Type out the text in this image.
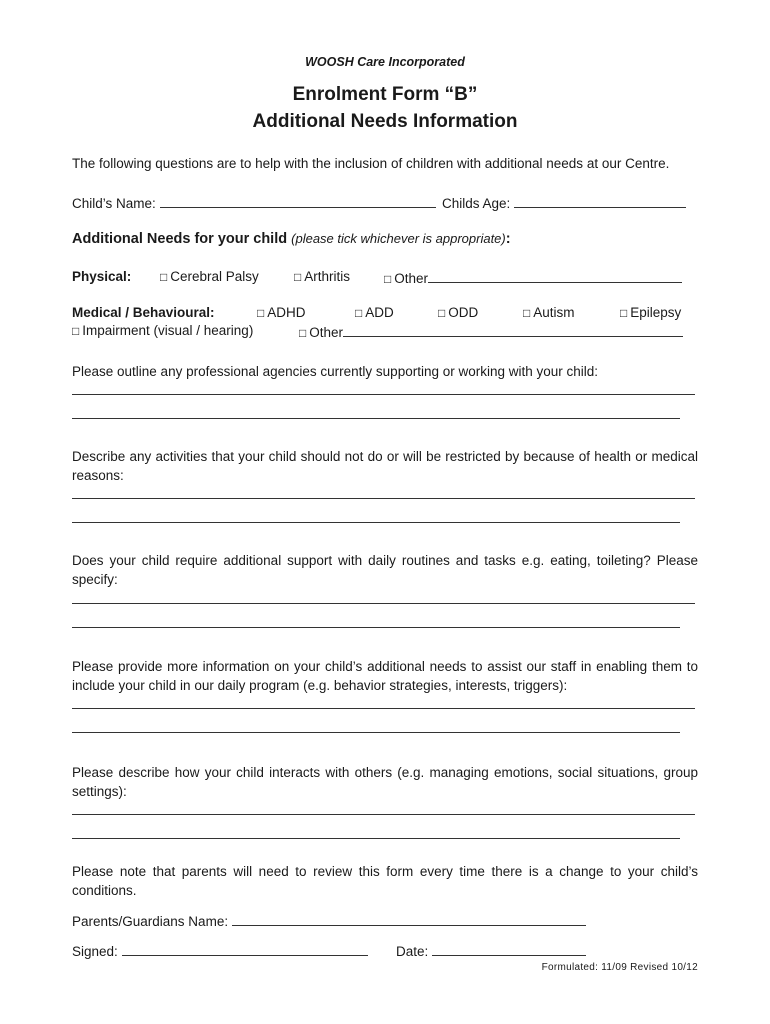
WOOSH Care Incorporated
Enrolment Form “B”
Additional Needs Information
The following questions are to help with the inclusion of children with additional needs at our Centre.
Child’s Name:	Childs Age:
Additional Needs for your child (please tick whichever is appropriate):
Physical: □ Cerebral Palsy	□ Arthritis	□ Other
Medical / Behavioural:	□ ADHD	□ ADD	□ ODD	□ Autism	□ Epilepsy
□ Impairment (visual / hearing)	□ Other
Please outline any professional agencies currently supporting or working with your child:
Describe any activities that your child should not do or will be restricted by because of health or medical reasons:
Does your child require additional support with daily routines and tasks e.g. eating, toileting? Please specify:
Please provide more information on your child’s additional needs to assist our staff in enabling them to include your child in our daily program (e.g. behavior strategies, interests, triggers):
Please describe how your child interacts with others (e.g. managing emotions, social situations, group settings):
Please note that parents will need to review this form every time there is a change to your child’s conditions.
Parents/Guardians Name:
Signed:	Date:
Formulated: 11/09 Revised 10/12
